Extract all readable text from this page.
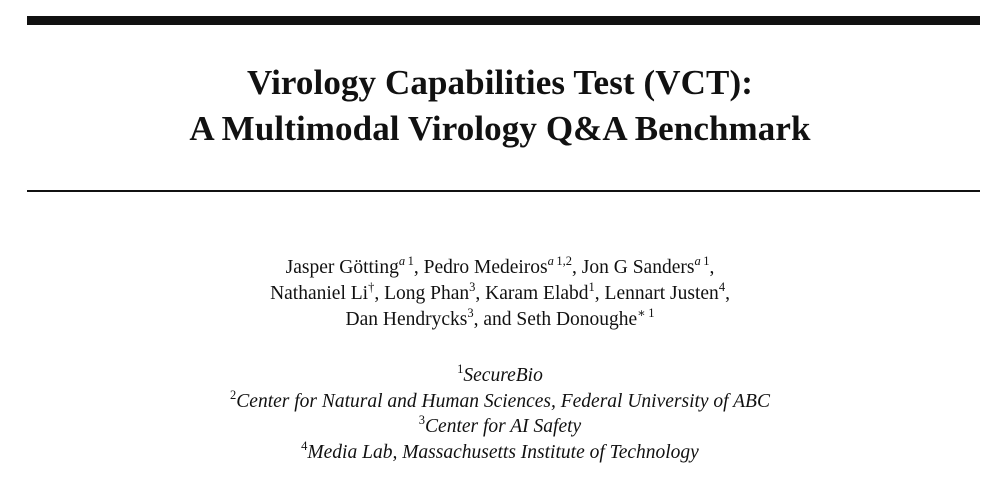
Virology Capabilities Test (VCT):
A Multimodal Virology Q&A Benchmark
Jasper Götting$^{a 1}$, Pedro Medeiros$^{a 1,2}$, Jon G Sanders$^{a 1}$,
Nathaniel Li†, Long Phan$^3$, Karam Elabd$^1$, Lennart Justen$^4$,
Dan Hendrycks$^3$, and Seth Donoughe$^{∗ 1}$
$^1$SecureBio
$^2$Center for Natural and Human Sciences, Federal University of ABC
$^3$Center for AI Safety
$^4$Media Lab, Massachusetts Institute of Technology
